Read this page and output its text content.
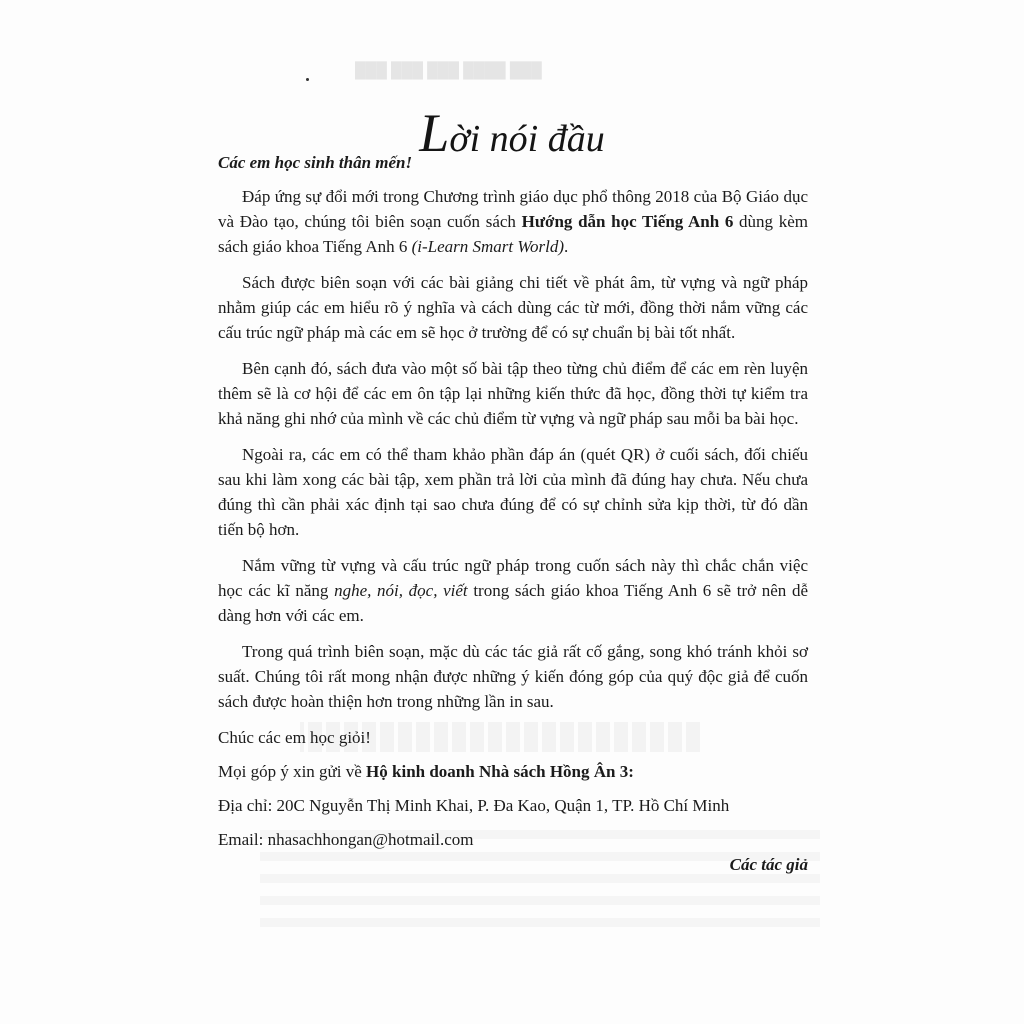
███ ████ ███ ███ ███
Lời nói đầu

Các em học sinh thân mến!

Đáp ứng sự đổi mới trong Chương trình giáo dục phổ thông 2018 của Bộ Giáo dục và Đào tạo, chúng tôi biên soạn cuốn sách Hướng dẫn học Tiếng Anh 6 dùng kèm sách giáo khoa Tiếng Anh 6 (i-Learn Smart World).

Sách được biên soạn với các bài giảng chi tiết về phát âm, từ vựng và ngữ pháp nhằm giúp các em hiểu rõ ý nghĩa và cách dùng các từ mới, đồng thời nắm vững các cấu trúc ngữ pháp mà các em sẽ học ở trường để có sự chuẩn bị bài tốt nhất.

Bên cạnh đó, sách đưa vào một số bài tập theo từng chủ điểm để các em rèn luyện thêm sẽ là cơ hội để các em ôn tập lại những kiến thức đã học, đồng thời tự kiểm tra khả năng ghi nhớ của mình về các chủ điểm từ vựng và ngữ pháp sau mỗi ba bài học.

Ngoài ra, các em có thể tham khảo phần đáp án (quét QR) ở cuối sách, đối chiếu sau khi làm xong các bài tập, xem phần trả lời của mình đã đúng hay chưa. Nếu chưa đúng thì cần phải xác định tại sao chưa đúng để có sự chỉnh sửa kịp thời, từ đó dần tiến bộ hơn.

Nắm vững từ vựng và cấu trúc ngữ pháp trong cuốn sách này thì chắc chắn việc học các kĩ năng nghe, nói, đọc, viết trong sách giáo khoa Tiếng Anh 6 sẽ trở nên dễ dàng hơn với các em.

Trong quá trình biên soạn, mặc dù các tác giả rất cố gắng, song khó tránh khỏi sơ suất. Chúng tôi rất mong nhận được những ý kiến đóng góp của quý độc giả để cuốn sách được hoàn thiện hơn trong những lần in sau.

Chúc các em học giỏi!

Mọi góp ý xin gửi về Hộ kinh doanh Nhà sách Hồng Ân 3:

Địa chỉ: 20C Nguyễn Thị Minh Khai, P. Đa Kao, Quận 1, TP. Hồ Chí Minh

Email: nhasachhongan@hotmail.com

Các tác giả
